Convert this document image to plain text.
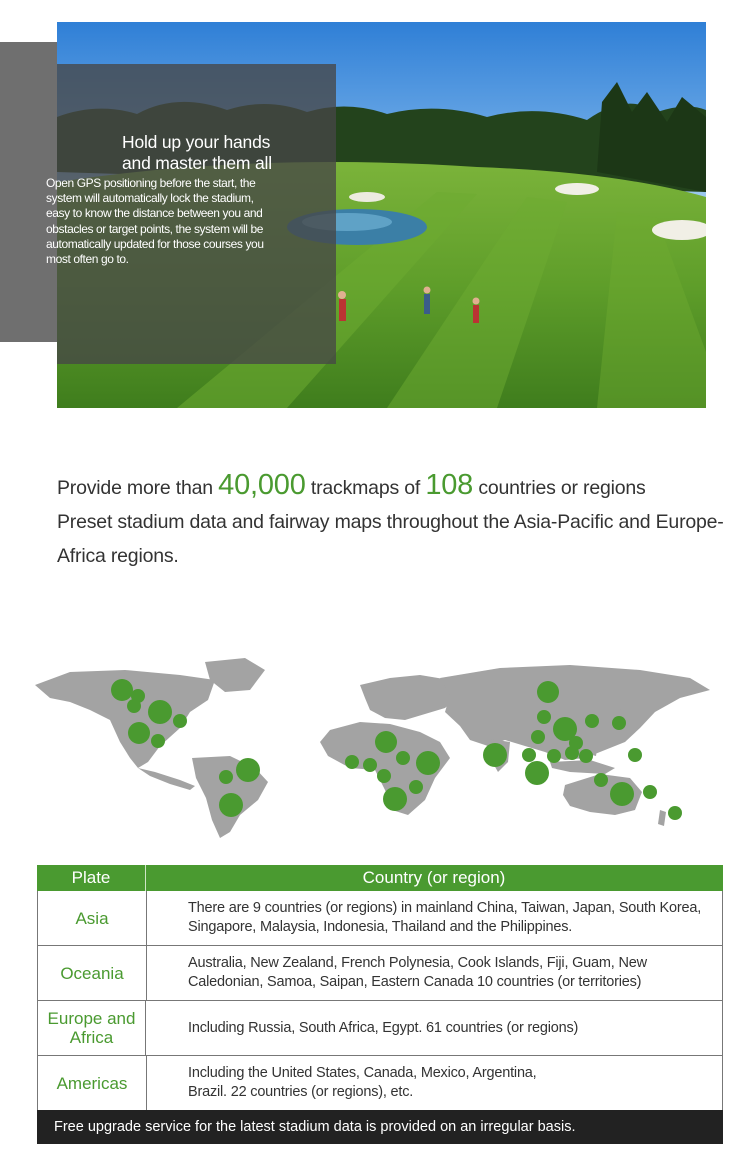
Hold up your hands
and master them all

Open GPS positioning before the start, the system will automatically lock the stadium, easy to know the distance between you and obstacles or target points, the system will be automatically updated for those courses you most often go to.

Provide more than 40,000 trackmaps of 108 countries or regions
Preset stadium data and fairway maps throughout the Asia-Pacific and Europe-Africa regions.
Plate	Country (or region)
Asia
There are 9 countries (or regions) in mainland China, Taiwan, Japan, South Korea, Singapore, Malaysia, Indonesia, Thailand and the Philippines.
Oceania
Australia, New Zealand, French Polynesia, Cook Islands, Fiji, Guam, New Caledonian, Samoa, Saipan, Eastern Canada 10 countries (or territories)
Europe and Africa
Including Russia, South Africa, Egypt. 61 countries (or regions)
Americas
Including the United States, Canada, Mexico, Argentina, Brazil. 22 countries (or regions), etc.
Free upgrade service for the latest stadium data is provided on an irregular basis.
